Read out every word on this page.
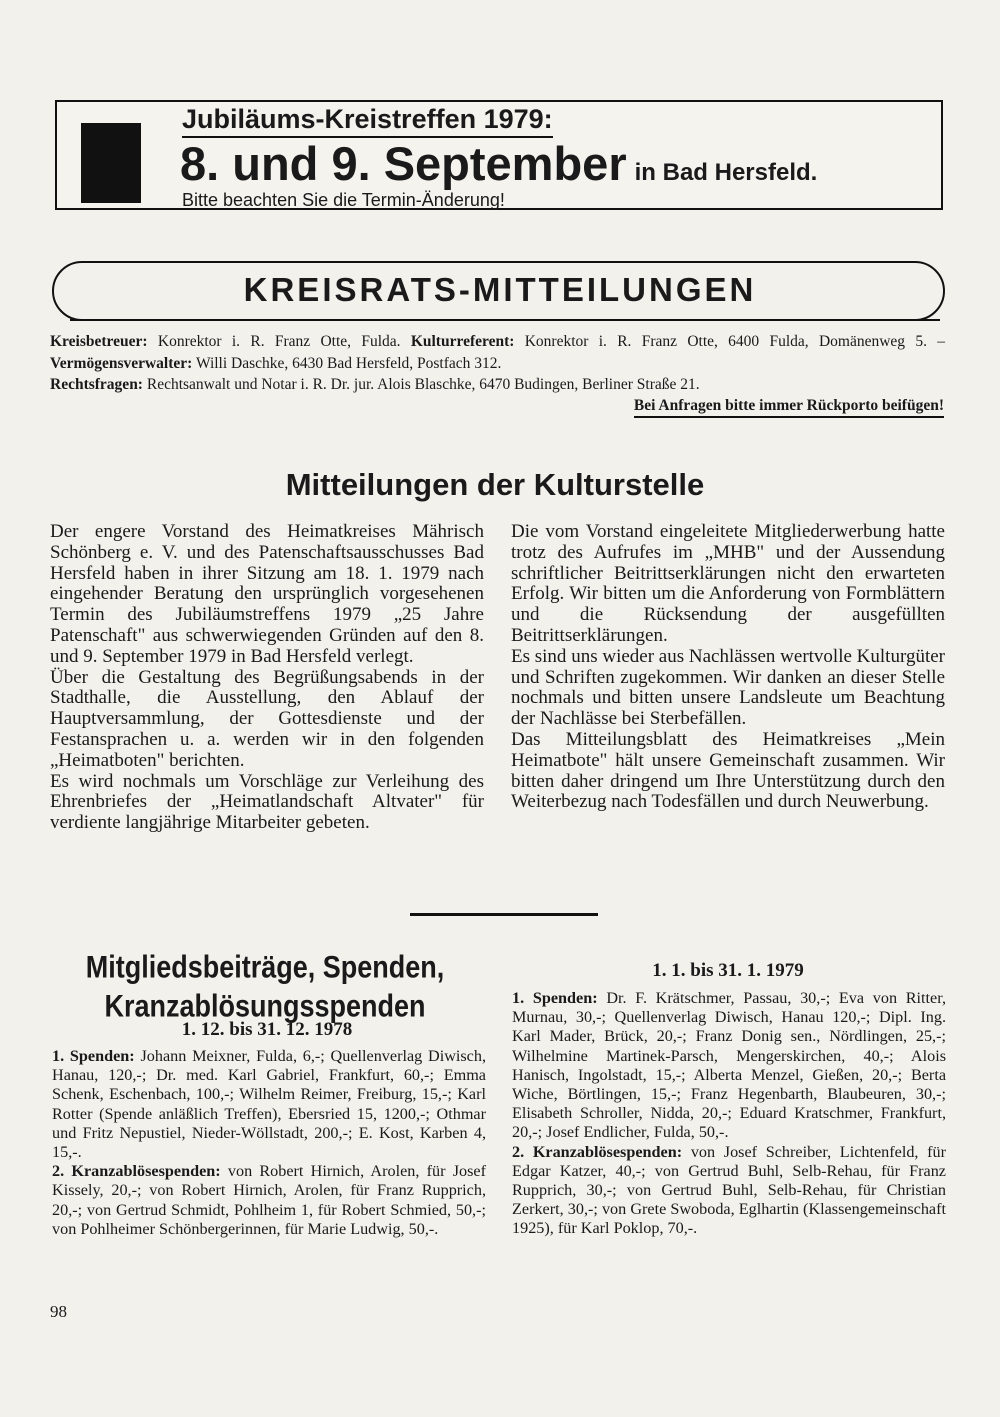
Jubiläums-Kreistreffen 1979:
8. und 9. September in Bad Hersfeld.
Bitte beachten Sie die Termin-Änderung!
KREISRATS-MITTEILUNGEN
Kreisbetreuer: Konrektor i. R. Franz Otte, Fulda. Kulturreferent: Konrektor i. R. Franz Otte, 6400 Fulda, Domänenweg 5. – Vermögensverwalter: Willi Daschke, 6430 Bad Hersfeld, Postfach 312.
Rechtsfragen: Rechtsanwalt und Notar i. R. Dr. jur. Alois Blaschke, 6470 Budingen, Berliner Straße 21.
Bei Anfragen bitte immer Rückporto beifügen!
Mitteilungen der Kulturstelle

Der engere Vorstand des Heimatkreises Mährisch Schönberg e. V. und des Patenschaftsausschusses Bad Hersfeld haben in ihrer Sitzung am 18. 1. 1979 nach eingehender Beratung den ursprünglich vorgesehenen Termin des Jubiläumstreffens 1979 „25 Jahre Patenschaft" aus schwerwiegenden Gründen auf den 8. und 9. September 1979 in Bad Hersfeld verlegt.

Über die Gestaltung des Begrüßungsabends in der Stadthalle, die Ausstellung, den Ablauf der Hauptversammlung, der Gottesdienste und der Festansprachen u. a. werden wir in den folgenden „Heimatboten" berichten.

Es wird nochmals um Vorschläge zur Verleihung des Ehrenbriefes der „Heimatlandschaft Altvater" für verdiente langjährige Mitarbeiter gebeten.

Die vom Vorstand eingeleitete Mitgliederwerbung hatte trotz des Aufrufes im „MHB" und der Aussendung schriftlicher Beitrittserklärungen nicht den erwarteten Erfolg. Wir bitten um die Anforderung von Formblättern und die Rücksendung der ausgefüllten Beitrittserklärungen.

Es sind uns wieder aus Nachlässen wertvolle Kulturgüter und Schriften zugekommen. Wir danken an dieser Stelle nochmals und bitten unsere Landsleute um Beachtung der Nachlässe bei Sterbefällen.

Das Mitteilungsblatt des Heimatkreises „Mein Heimatbote" hält unsere Gemeinschaft zusammen. Wir bitten daher dringend um Ihre Unterstützung durch den Weiterbezug nach Todesfällen und durch Neuwerbung.

Mitgliedsbeiträge, Spenden,
Kranzablösungsspenden
1. 12. bis 31. 12. 1978
1. 1. bis 31. 1. 1979

1. Spenden: Johann Meixner, Fulda, 6,-; Quellenverlag Diwisch, Hanau, 120,-; Dr. med. Karl Gabriel, Frankfurt, 60,-; Emma Schenk, Eschenbach, 100,-; Wilhelm Reimer, Freiburg, 15,-; Karl Rotter (Spende anläßlich Treffen), Ebersried 15, 1200,-; Othmar und Fritz Nepustiel, Nieder-Wöllstadt, 200,-; E. Kost, Karben 4, 15,-.

2. Kranzablösespenden: von Robert Hirnich, Arolen, für Josef Kissely, 20,-; von Robert Hirnich, Arolen, für Franz Rupprich, 20,-; von Gertrud Schmidt, Pohlheim 1, für Robert Schmied, 50,-; von Pohlheimer Schönbergerinnen, für Marie Ludwig, 50,-.

1. Spenden: Dr. F. Krätschmer, Passau, 30,-; Eva von Ritter, Murnau, 30,-; Quellenverlag Diwisch, Hanau 120,-; Dipl. Ing. Karl Mader, Brück, 20,-; Franz Donig sen., Nördlingen, 25,-; Wilhelmine Martinek-Parsch, Mengerskirchen, 40,-; Alois Hanisch, Ingolstadt, 15,-; Alberta Menzel, Gießen, 20,-; Berta Wiche, Börtlingen, 15,-; Franz Hegenbarth, Blaubeuren, 30,-; Elisabeth Schroller, Nidda, 20,-; Eduard Kratschmer, Frankfurt, 20,-; Josef Endlicher, Fulda, 50,-.

2. Kranzablösespenden: von Josef Schreiber, Lichtenfeld, für Edgar Katzer, 40,-; von Gertrud Buhl, Selb-Rehau, für Franz Rupprich, 30,-; von Gertrud Buhl, Selb-Rehau, für Christian Zerkert, 30,-; von Grete Swoboda, Eglhartin (Klassengemeinschaft 1925), für Karl Poklop, 70,-.

98
